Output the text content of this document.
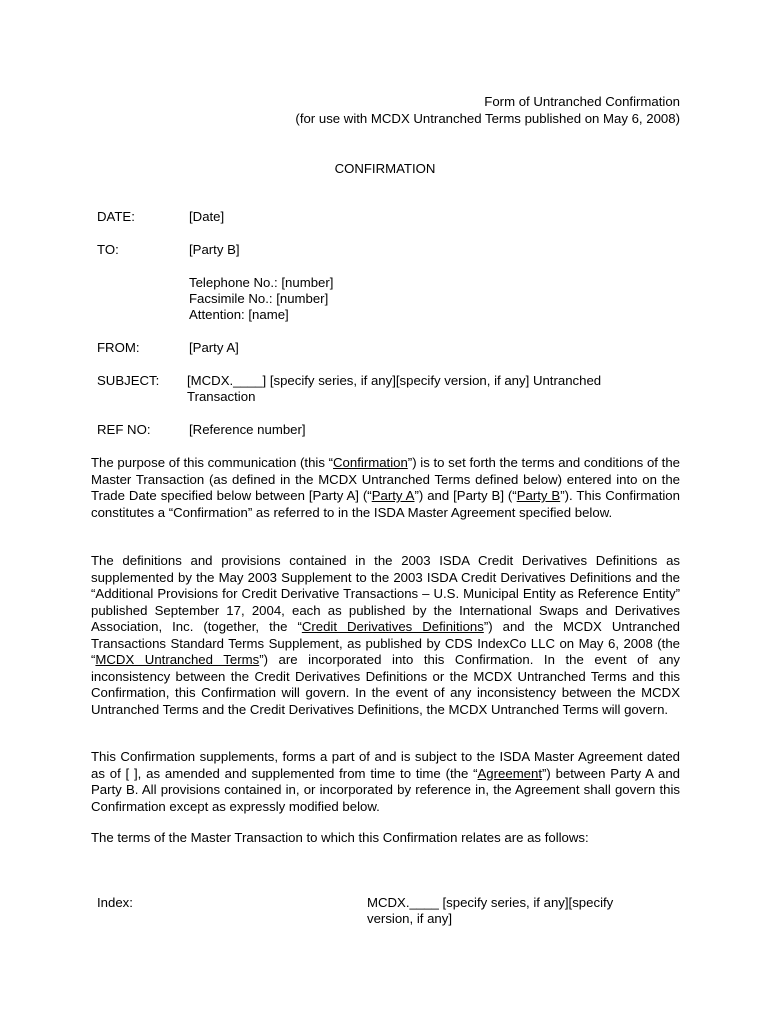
Form of Untranched Confirmation
(for use with MCDX Untranched Terms published on May 6, 2008)
CONFIRMATION
DATE:	[Date]
TO:	[Party B]
Telephone No.: [number]
Facsimile No.: [number]
Attention: [name]
FROM:	[Party A]
SUBJECT: [MCDX.____] [specify series, if any][specify version, if any] Untranched
Transaction
REF NO:	[Reference number]
The purpose of this communication (this “Confirmation”) is to set forth the terms and conditions of the Master Transaction (as defined in the MCDX Untranched Terms defined below) entered into on the Trade Date specified below between [Party A] (“Party A”) and [Party B] (“Party B”). This Confirmation constitutes a “Confirmation” as referred to in the ISDA Master Agreement specified below.
The definitions and provisions contained in the 2003 ISDA Credit Derivatives Definitions as supplemented by the May 2003 Supplement to the 2003 ISDA Credit Derivatives Definitions and the “Additional Provisions for Credit Derivative Transactions – U.S. Municipal Entity as Reference Entity” published September 17, 2004, each as published by the International Swaps and Derivatives Association, Inc. (together, the “Credit Derivatives Definitions”) and the MCDX Untranched Transactions Standard Terms Supplement, as published by CDS IndexCo LLC on May 6, 2008 (the “MCDX Untranched Terms”) are incorporated into this Confirmation. In the event of any inconsistency between the Credit Derivatives Definitions or the MCDX Untranched Terms and this Confirmation, this Confirmation will govern. In the event of any inconsistency between the MCDX Untranched Terms and the Credit Derivatives Definitions, the MCDX Untranched Terms will govern.
This Confirmation supplements, forms a part of and is subject to the ISDA Master Agreement dated as of [ ], as amended and supplemented from time to time (the “Agreement”) between Party A and Party B. All provisions contained in, or incorporated by reference in, the Agreement shall govern this Confirmation except as expressly modified below.
The terms of the Master Transaction to which this Confirmation relates are as follows:
Index:	MCDX.____ [specify series, if any][specify
version, if any]
